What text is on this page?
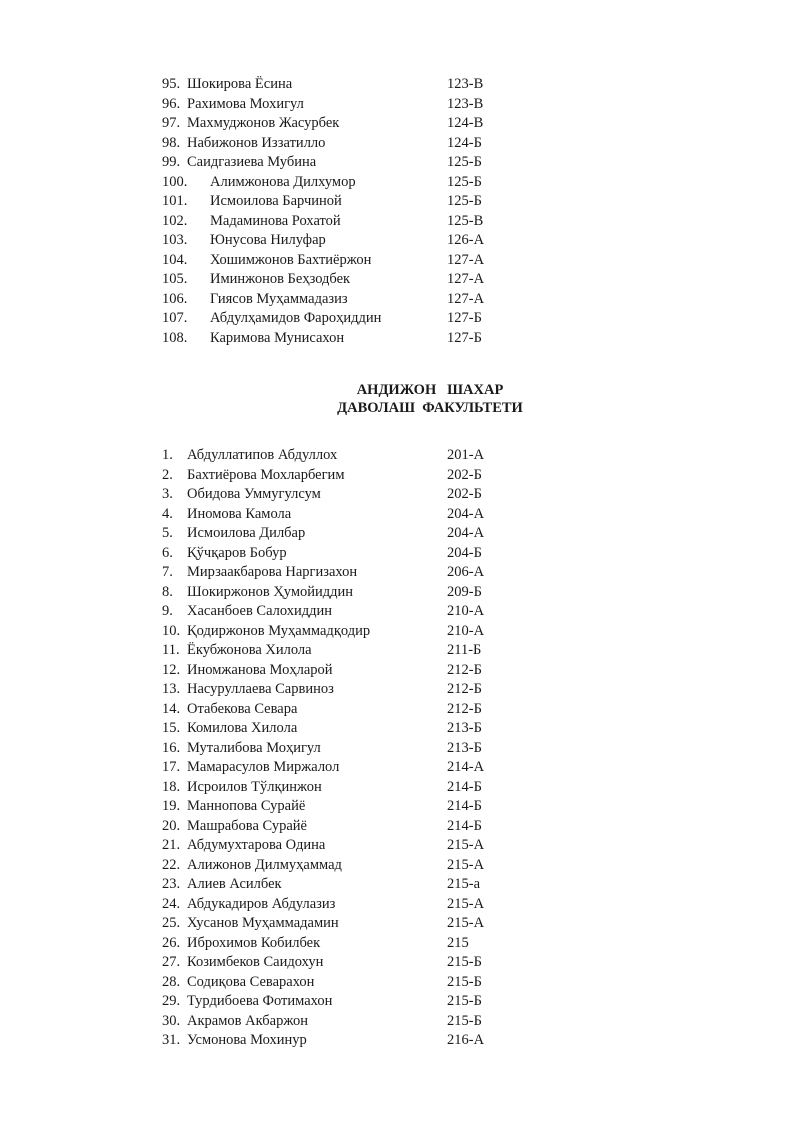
95. Шокирова Ёсина	123-В
96. Рахимова Мохигул	123-В
97. Махмуджонов Жасурбек	124-В
98. Набижонов Иззатилло	124-Б
99. Саидгазиева Мубина	125-Б
100. Алимжонова Дилхумор	125-Б
101. Исмоилова Барчиной	125-Б
102. Мадаминова Рохатой	125-В
103. Юнусова Нилуфар	126-А
104. Хошимжонов Бахтиёржон	127-А
105. Иминжонов Беҳзодбек	127-А
106. Гиясов Муҳаммадазиз	127-А
107. Абдулҳамидов Фароҳиддин	127-Б
108. Каримова Мунисахон	127-Б
АНДИЖОН   ШАХАР
ДАВОЛАШ  ФАКУЛЬТЕТИ
1. Абдуллатипов Абдуллох	201-А
2. Бахтиёрова Мохларбегим	202-Б
3. Обидова Уммугулсум	202-Б
4. Иномова Камола	204-А
5. Исмоилова Дилбар	204-А
6. Қўчқаров Бобур	204-Б
7. Мирзаакбарова Наргизахон	206-А
8. Шокиржонов Ҳумойиддин	209-Б
9. Хасанбоев Салохиддин	210-А
10. Қодиржонов Муҳаммадқодир	210-А
11. Ёкубжонова Хилола	211-Б
12. Иномжанова Моҳларой	212-Б
13. Насуруллаева Сарвиноз	212-Б
14. Отабекова Севара	212-Б
15. Комилова Хилола	213-Б
16. Муталибова Моҳигул	213-Б
17. Мамарасулов Миржалол	214-А
18. Исроилов Тўлқинжон	214-Б
19. Маннопова Сурайё	214-Б
20. Машрабова Сурайё	214-Б
21. Абдумухтарова Одина	215-А
22. Алижонов Дилмуҳаммад	215-А
23. Алиев Асилбек	215-а
24. Абдукадиров Абдулазиз	215-А
25. Хусанов Муҳаммадамин	215-А
26. Иброхимов Кобилбек	215
27. Козимбеков Саидохун	215-Б
28. Содиқова Севарахон	215-Б
29. Турдибоева Фотимахон	215-Б
30. Акрамов Акбаржон	215-Б
31. Усмонова Мохинур	216-А
